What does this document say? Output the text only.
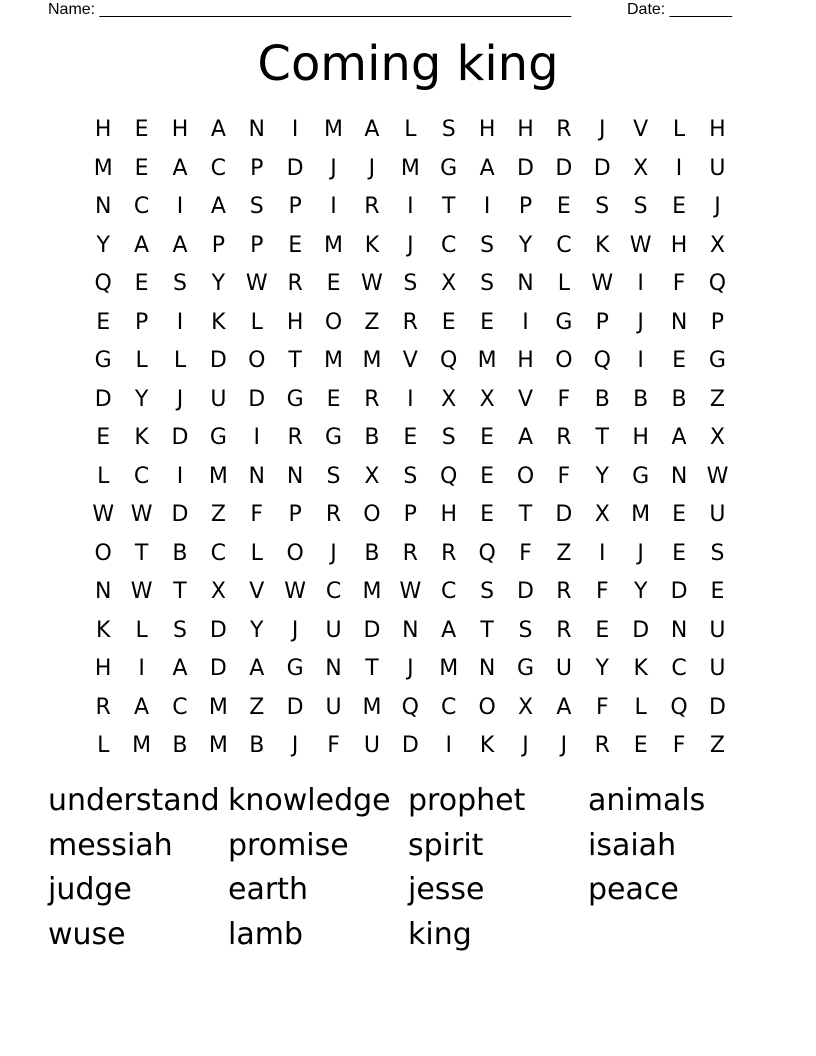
Name: _____________________________________________________	Date: _______
Coming king
H	E	H	A	N	I	M A	L	S	H H	R	J	V	L	H
M E	A	C	P	D	J	J	M G	A	D D D	X	I	U
N	C	I	A	S	P	I	R	I	T	I	P	E	S	S	E	J
Y	A	A	P	P	E M K	J	C	S	Y	C	K W H	X
Q	E	S	Y W R	E W S	X	S	N	L W	I	F	Q
E	P	I	K	L	H O	Z	R	E	E	I	G	P	J	N	P
G	L	L	D O	T	M M V	Q M H O Q	I	E	G
D	Y	J	U D G	E	R	I	X	X	V	F	B	B	B	Z
E	K	D G	I	R	G	B	E	S	E	A	R	T	H	A	X
L	C	I	M N N	S	X	S	Q	E	O	F	Y	G N W
W W D	Z	F	P	R	O	P	H	E	T	D	X M E	U
O	T	B	C	L	O	J	B	R	R	Q	F	Z	I	J	E	S
N W T	X	V W C M W C	S	D	R	F	Y	D	E
K	L	S	D	Y	J	U D N	A	T	S	R	E	D N	U
H	I	A	D	A	G N	T	J	M N G U	Y	K	C	U
R	A	C M Z	D U M Q	C	O	X	A	F	L	Q D
L	M B M B	J	F	U D	I	K	J	J	R	E	F	Z
understand knowledge prophet	animals
messiah	promise	spirit	isaiah
judge	earth	jesse	peace
wuse	lamb	king
